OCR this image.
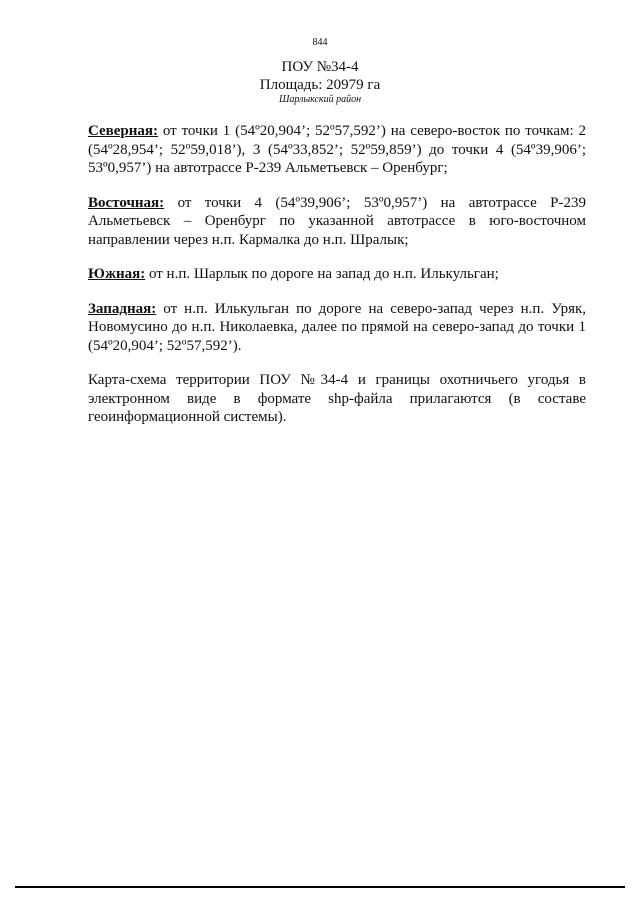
844
ПОУ №34-4
Площадь: 20979 га
Шарлыкский район

Северная: от точки 1 (54º20,904’; 52º57,592’) на северо-восток по точкам: 2 (54º28,954’; 52º59,018’), 3 (54º33,852’; 52º59,859’) до точки 4 (54º39,906’; 53º0,957’) на автотрассе Р-239 Альметьевск – Оренбург;

Восточная: от точки 4 (54º39,906’; 53º0,957’) на автотрассе Р-239 Альметьевск – Оренбург по указанной автотрассе в юго-восточном направлении через н.п. Кармалка до н.п. Шралык;

Южная: от н.п. Шарлык по дороге на запад до н.п. Илькульган;

Западная: от н.п. Илькульган по дороге на северо-запад через н.п. Уряк, Новомусино до н.п. Николаевка, далее по прямой на северо-запад до точки 1 (54º20,904’; 52º57,592’).

Карта-схема территории ПОУ №34-4 и границы охотничьего угодья в электронном виде в формате shp-файла прилагаются (в составе геоинформационной системы).
